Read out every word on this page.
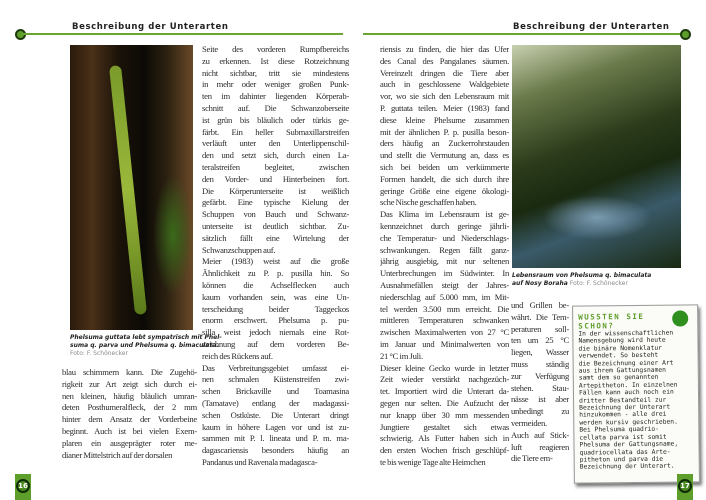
Beschreibung der Unterarten
Phelsuma guttata lebt sympatrisch mit Phel-
suma q. parva und Phelsuma q. bimaculata.
Foto: F. Schönecker
blau schimmern kann. Die Zugehö-
rigkeit zur Art zeigt sich durch ei-
nen kleinen, häufig bläulich umran-
deten Posthumeralfleck, der 2 mm
hinter dem Ansatz der Vorderbeine
beginnt. Auch ist bei vielen Exem-
plaren ein ausgeprägter roter me-
dianer Mittelstrich auf der dorsalen
Seite des vorderen Rumpfbereichs
zu erkennen. Ist diese Rotzeichnung
nicht sichtbar, tritt sie mindestens
in mehr oder weniger großen Punk-
ten im dahinter liegenden Körperab-
schnitt auf. Die Schwanzoberseite
ist grün bis bläulich oder türkis ge-
färbt. Ein heller Submaxillarstreifen
verläuft unter den Unterlippenschil-
den und setzt sich, durch einen La-
teralstreifen begleitet, zwischen
den Vorder- und Hinterbeinen fort.
Die Körperunterseite ist weißlich
gefärbt. Eine typische Kielung der
Schuppen von Bauch und Schwanz-
unterseite ist deutlich sichtbar. Zu-
sätzlich fällt eine Wirtelung der
Schwanzschuppen auf.
Meier (1983) weist auf die große
Ähnlichkeit zu P. p. pusilla hin. So
können die Achselflecken auch
kaum vorhanden sein, was eine Un-
terscheidung beider Taggeckos
enorm erschwert. Phelsuma p. pu-
silla weist jedoch niemals eine Rot-
zeichnung auf dem vorderen Be-
reich des Rückens auf.
Das Verbreitungsgebiet umfasst ei-
nen schmalen Küstenstreifen zwi-
schen Brickaville und Toamasina
(Tamatave) entlang der madagassi-
schen Ostküste. Die Unterart dringt
kaum in höhere Lagen vor und ist zu-
sammen mit P. l. lineata und P. m. ma-
dagascariensis besonders häufig an
Pandanus und Ravenala madagasca-
16
Beschreibung der Unterarten
riensis zu finden, die hier das Ufer
des Canal des Pangalanes säumen.
Vereinzelt dringen die Tiere aber
auch in geschlossene Waldgebiete
vor, wo sie sich den Lebensraum mit
P. guttata teilen. Meier (1983) fand
diese kleine Phelsume zusammen
mit der ähnlichen P. p. pusilla beson-
ders häufig an Zuckerrohrstauden
und stellt die Vermutung an, dass es
sich bei beiden um verkümmerte
Formen handelt, die sich durch ihre
geringe Größe eine eigene ökologi-
sche Nische geschaffen haben.
Das Klima im Lebensraum ist ge-
kennzeichnet durch geringe jährli-
che Temperatur- und Niederschlags-
schwankungen. Regen fällt ganz-
jährig ausgiebig, mit nur seltenen
Unterbrechungen im Südwinter. In
Ausnahmefällen steigt der Jahres-
niederschlag auf 5.000 mm, im Mit-
tel werden 3.500 mm erreicht. Die
mittleren Temperaturen schwanken
zwischen Maximalwerten von 27 °C
im Januar und Minimalwerten von
21 °C im Juli.
Dieser kleine Gecko wurde in letzter
Zeit wieder verstärkt nachgezüch-
tet. Importiert wird die Unterart da-
gegen nur selten. Die Aufzucht der
nur knapp über 30 mm messenden
Jungtiere gestaltet sich etwas
schwierig. Als Futter haben sich in
den ersten Wochen frisch geschlüpf-
te bis wenige Tage alte Heimchen
Lebensraum von Phelsuma q. bimaculata
auf Nosy Boraha Foto: F. Schönecker
und Grillen be-
währt. Die Tem-
peraturen soll-
ten um 25 °C
liegen, Wasser
muss ständig
zur Verfügung
stehen. Stau-
nässe ist aber
unbedingt zu
vermeiden.
Auch auf Stick-
luft reagieren
die Tiere em-
WUSSTEN SIE
SCHON?
In der wissenschaftlichen
Namensgebung wird heute
die binäre Nomenklatur
verwendet. So besteht
die Bezeichnung einer Art
aus ihrem Gattungsnamen
samt dem so genannten
Artepitheton. In einzelnen
Fällen kann auch noch ein
dritter Bestandteil zur
Bezeichnung der Unterart
hinzukommen - alle drei
werden kursiv geschrieben.
Bei Phelsuma quadrio-
cellata parva ist somit
Phelsuma der Gattungsname,
quadriocellata das Arte-
pitheton und parva die
Bezeichnung der Unterart.
17
